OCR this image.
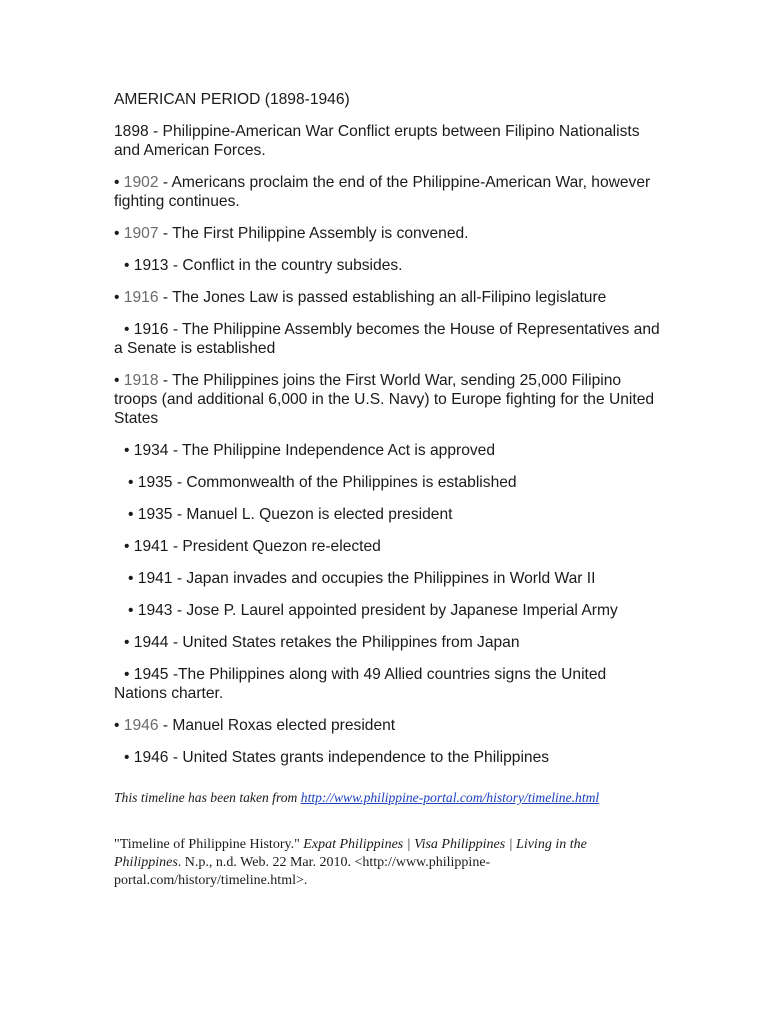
AMERICAN PERIOD (1898-1946)
1898 - Philippine-American War Conflict erupts between Filipino Nationalists and American Forces.
• 1902 - Americans proclaim the end of the Philippine-American War, however fighting continues.
• 1907 - The First Philippine Assembly is convened.
• 1913 - Conflict in the country subsides.
• 1916 - The Jones Law is passed establishing an all-Filipino legislature
• 1916 - The Philippine Assembly becomes the House of Representatives and a Senate is established
• 1918 - The Philippines joins the First World War, sending 25,000 Filipino troops (and additional 6,000 in the U.S. Navy) to Europe fighting for the United States
• 1934 - The Philippine Independence Act is approved
• 1935 - Commonwealth of the Philippines is established
• 1935 - Manuel L. Quezon is elected president
• 1941 - President Quezon re-elected
• 1941 - Japan invades and occupies the Philippines in World War II
• 1943 - Jose P. Laurel appointed president by Japanese Imperial Army
• 1944 - United States retakes the Philippines from Japan
• 1945 -The Philippines along with 49 Allied countries signs the United Nations charter.
• 1946 - Manuel Roxas elected president
• 1946 - United States grants independence to the Philippines
This timeline has been taken from http://www.philippine-portal.com/history/timeline.html
"Timeline of Philippine History." Expat Philippines | Visa Philippines | Living in the Philippines. N.p., n.d. Web. 22 Mar. 2010. <http://www.philippine-portal.com/history/timeline.html>.
